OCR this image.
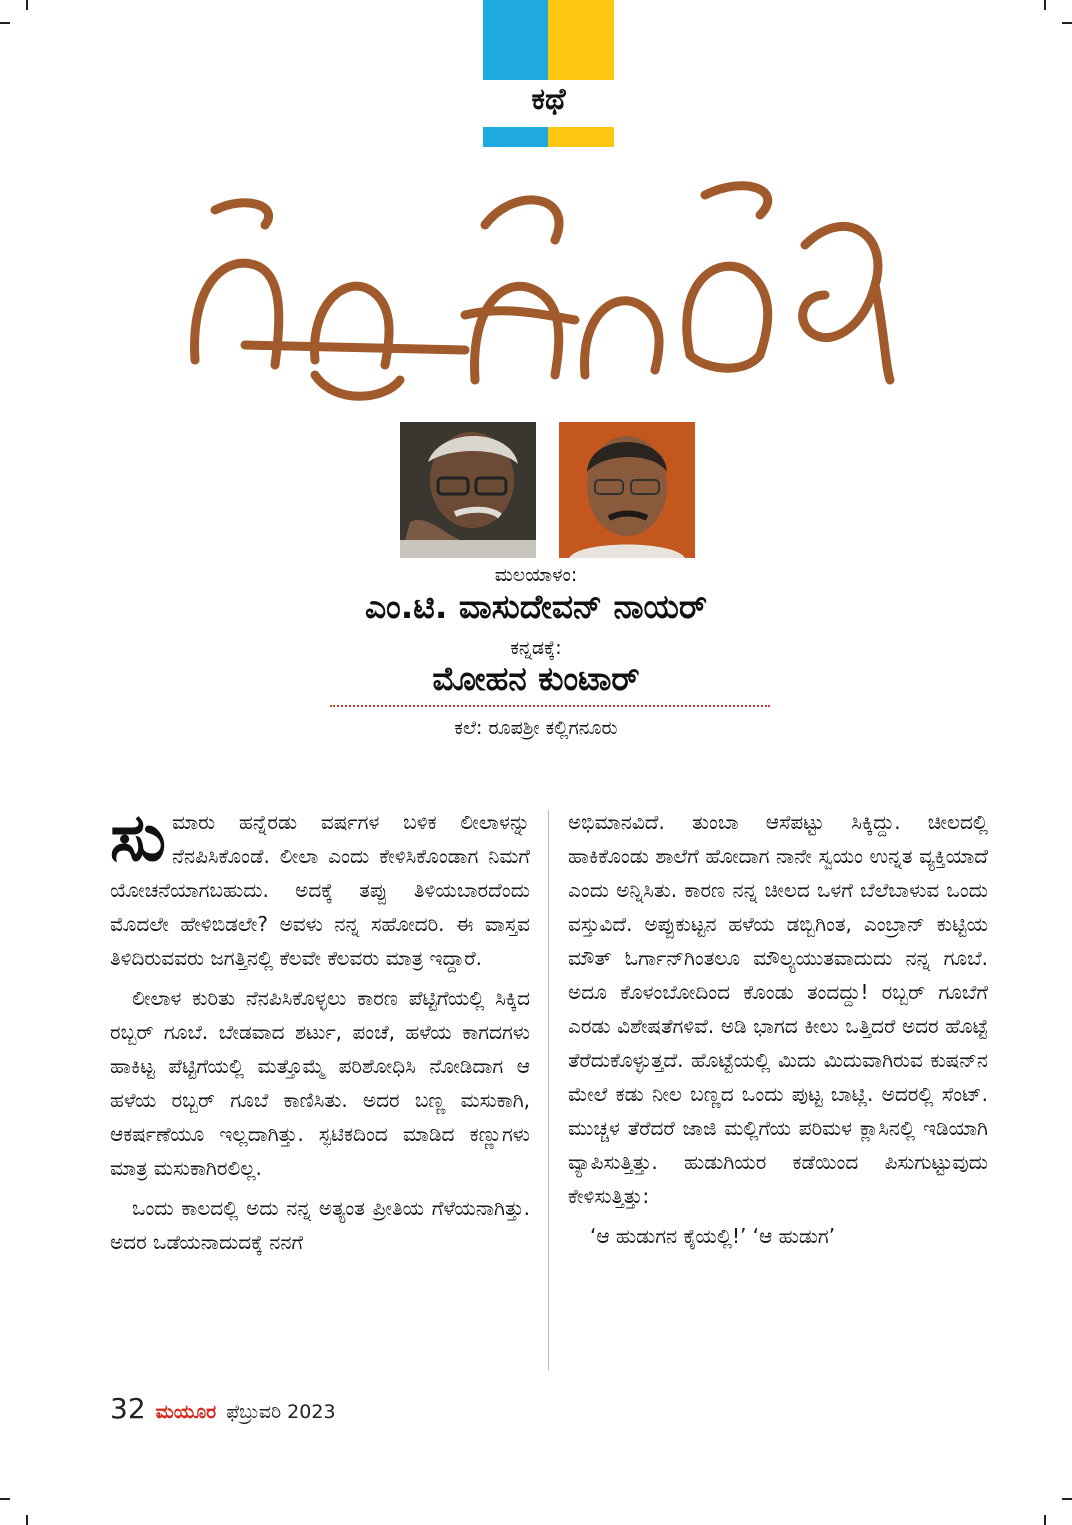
ಕಥೆ
ಮಲಯಾಳಂ:
ಎಂ.ಟಿ. ವಾಸುದೇವನ್ ನಾಯರ್
ಕನ್ನಡಕ್ಕೆ:
ಮೋಹನ ಕುಂಟಾರ್
ಕಲೆ: ರೂಪಶ್ರೀ ಕಲ್ಲಿಗನೂರು

ಸು ಮಾರು ಹನ್ನೆರಡು ವರ್ಷಗಳ ಬಳಿಕ ಲೀಲಾಳನ್ನು ನೆನಪಿಸಿಕೊಂಡೆ. ಲೀಲಾ ಎಂದು ಕೇಳಿಸಿಕೊಂಡಾಗ ನಿಮಗೆ ಯೋಚನೆಯಾಗಬಹುದು. ಅದಕ್ಕೆ ತಪ್ಪು ತಿಳಿಯಬಾರದೆಂದು ಮೊದಲೇ ಹೇಳಿಬಿಡಲೇ? ಅವಳು ನನ್ನ ಸಹೋದರಿ. ಈ ವಾಸ್ತವ ತಿಳಿದಿರುವವರು ಜಗತ್ತಿನಲ್ಲಿ ಕೆಲವೇ ಕೆಲವರು ಮಾತ್ರ ಇದ್ದಾರೆ.

ಲೀಲಾಳ ಕುರಿತು ನೆನಪಿಸಿಕೊಳ್ಳಲು ಕಾರಣ ಪೆಟ್ಟಿಗೆಯಲ್ಲಿ ಸಿಕ್ಕಿದ ರಬ್ಬರ್ ಗೂಬೆ. ಬೇಡವಾದ ಶರ್ಟು, ಪಂಚೆ, ಹಳೆಯ ಕಾಗದಗಳು ಹಾಕಿಟ್ಟ ಪೆಟ್ಟಿಗೆಯಲ್ಲಿ ಮತ್ತೊಮ್ಮೆ ಪರಿಶೋಧಿಸಿ ನೋಡಿದಾಗ ಆ ಹಳೆಯ ರಬ್ಬರ್ ಗೂಬೆ ಕಾಣಿಸಿತು. ಅದರ ಬಣ್ಣ ಮಸುಕಾಗಿ, ಆಕರ್ಷಣೆಯೂ ಇಲ್ಲದಾಗಿತ್ತು. ಸ್ಫಟಿಕದಿಂದ ಮಾಡಿದ ಕಣ್ಣುಗಳು ಮಾತ್ರ ಮಸುಕಾಗಿರಲಿಲ್ಲ.

ಒಂದು ಕಾಲದಲ್ಲಿ ಅದು ನನ್ನ ಅತ್ಯಂತ ಪ್ರೀತಿಯ ಗೆಳೆಯನಾಗಿತ್ತು. ಅದರ ಒಡೆಯನಾದುದಕ್ಕೆ ನನಗೆ

ಅಭಿಮಾನವಿದೆ. ತುಂಬಾ ಆಸೆಪಟ್ಟು ಸಿಕ್ಕಿದ್ದು. ಚೀಲದಲ್ಲಿ ಹಾಕಿಕೊಂಡು ಶಾಲೆಗೆ ಹೋದಾಗ ನಾನೇ ಸ್ವಯಂ ಉನ್ನತ ವ್ಯಕ್ತಿಯಾದೆ ಎಂದು ಅನ್ನಿಸಿತು. ಕಾರಣ ನನ್ನ ಚೀಲದ ಒಳಗೆ ಬೆಲೆಬಾಳುವ ಒಂದು ವಸ್ತುವಿದೆ. ಅಪ್ಪುಕುಟ್ಟನ ಹಳೆಯ ಡಬ್ಬಿಗಿಂತ, ಎಂಬ್ರಾನ್ ಕುಟ್ಟಿಯ ಮೌತ್ ಓರ್ಗಾನ್‌ಗಿಂತಲೂ ಮೌಲ್ಯಯುತವಾದುದು ನನ್ನ ಗೂಬೆ. ಅದೂ ಕೊಳಂಬೋದಿಂದ ಕೊಂಡು ತಂದದ್ದು! ರಬ್ಬರ್ ಗೂಬೆಗೆ ಎರಡು ವಿಶೇಷತೆಗಳಿವೆ. ಅಡಿ ಭಾಗದ ಕೀಲು ಒತ್ತಿದರೆ ಅದರ ಹೊಟ್ಟೆ ತೆರೆದುಕೊಳ್ಳುತ್ತದೆ. ಹೊಟ್ಟೆಯಲ್ಲಿ ಮಿದು ಮಿದುವಾಗಿರುವ ಕುಷನ್‌ನ ಮೇಲೆ ಕಡು ನೀಲ ಬಣ್ಣದ ಒಂದು ಪುಟ್ಟ ಬಾಟ್ಲಿ. ಅದರಲ್ಲಿ ಸೆಂಟ್. ಮುಚ್ಚಳ ತೆರೆದರೆ ಜಾಜಿ ಮಲ್ಲಿಗೆಯ ಪರಿಮಳ ಕ್ಲಾಸಿನಲ್ಲಿ ಇಡಿಯಾಗಿ ವ್ಯಾಪಿಸುತ್ತಿತ್ತು. ಹುಡುಗಿಯರ ಕಡೆಯಿಂದ ಪಿಸುಗುಟ್ಟುವುದು ಕೇಳಿಸುತ್ತಿತ್ತು:

‘ಆ ಹುಡುಗನ ಕೈಯಲ್ಲಿ!’ ‘ಆ ಹುಡುಗ’

32 ಮಯೂರ ಫೆಬ್ರುವರಿ 2023
